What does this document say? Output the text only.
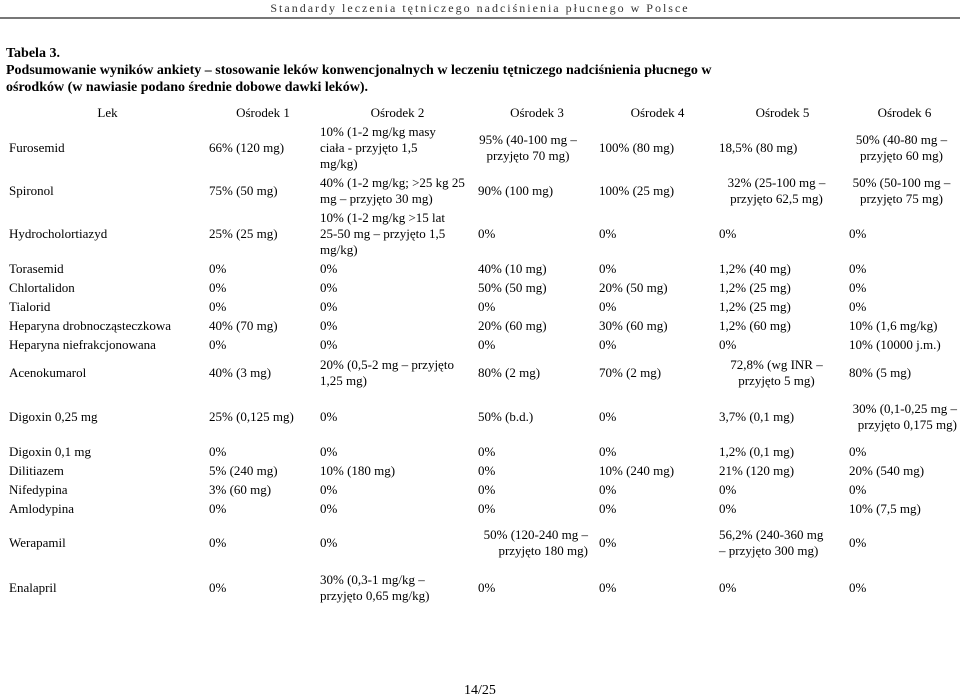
Standardy leczenia tętniczego nadciśnienia płucnego w Polsce
Tabela 3.
Podsumowanie wyników ankiety – stosowanie leków konwencjonalnych w leczeniu tętniczego nadciśnienia płucnego w
ośrodków (w nawiasie podano średnie dobowe dawki leków).
Lek	Ośrodek 1	Ośrodek 2	Ośrodek 3	Ośrodek 4	Ośrodek 5	Ośrodek 6
Furosemid	66% (120 mg)	10% (1-2 mg/kg masy ciała - przyjęto 1,5 mg/kg)	95% (40-100 mg – przyjęto 70 mg)	100% (80 mg)	18,5% (80 mg)	50% (40-80 mg – przyjęto 60 mg)
Spironol	75% (50 mg)	40% (1-2 mg/kg; >25 kg 25 mg – przyjęto 30 mg)	90% (100 mg)	100% (25 mg)	32% (25-100 mg – przyjęto 62,5 mg)	50% (50-100 mg – przyjęto 75 mg)
Hydrocholortiazyd	25% (25 mg)	10% (1-2 mg/kg >15 lat 25-50 mg – przyjęto 1,5 mg/kg)	0%	0%	0%	0%
Torasemid	0%	0%	40% (10 mg)	0%	1,2% (40 mg)	0%
Chlortalidon	0%	0%	50% (50 mg)	20% (50 mg)	1,2% (25 mg)	0%
Tialorid	0%	0%	0%	0%	1,2% (25 mg)	0%
Heparyna drobnocząsteczkowa	40% (70 mg)	0%	20% (60 mg)	30% (60 mg)	1,2% (60 mg)	10% (1,6 mg/kg)
Heparyna niefrakcjonowana	0%	0%	0%	0%	0%	10% (10000 j.m.)
Acenokumarol	40% (3 mg)	20% (0,5-2 mg – przyjęto 1,25 mg)	80% (2 mg)	70% (2 mg)	72,8% (wg INR – przyjęto 5 mg)	80% (5 mg)
Digoxin 0,25 mg	25% (0,125 mg)	0%	50% (b.d.)	0%	3,7% (0,1 mg)	30% (0,1-0,25 mg – przyjęto 0,175 mg)
Digoxin 0,1 mg	0%	0%	0%	0%	1,2% (0,1 mg)	0%
Dilitiazem	5% (240 mg)	10% (180 mg)	0%	10% (240 mg)	21% (120 mg)	20% (540 mg)
Nifedypina	3% (60 mg)	0%	0%	0%	0%	0%
Amlodypina	0%	0%	0%	0%	0%	10% (7,5 mg)
Werapamil	0%	0%	50% (120-240 mg – przyjęto 180 mg)	0%	56,2% (240-360 mg – przyjęto 300 mg)	0%
Enalapril	0%	30% (0,3-1 mg/kg – przyjęto 0,65 mg/kg)	0%	0%	0%	0%
14/25
